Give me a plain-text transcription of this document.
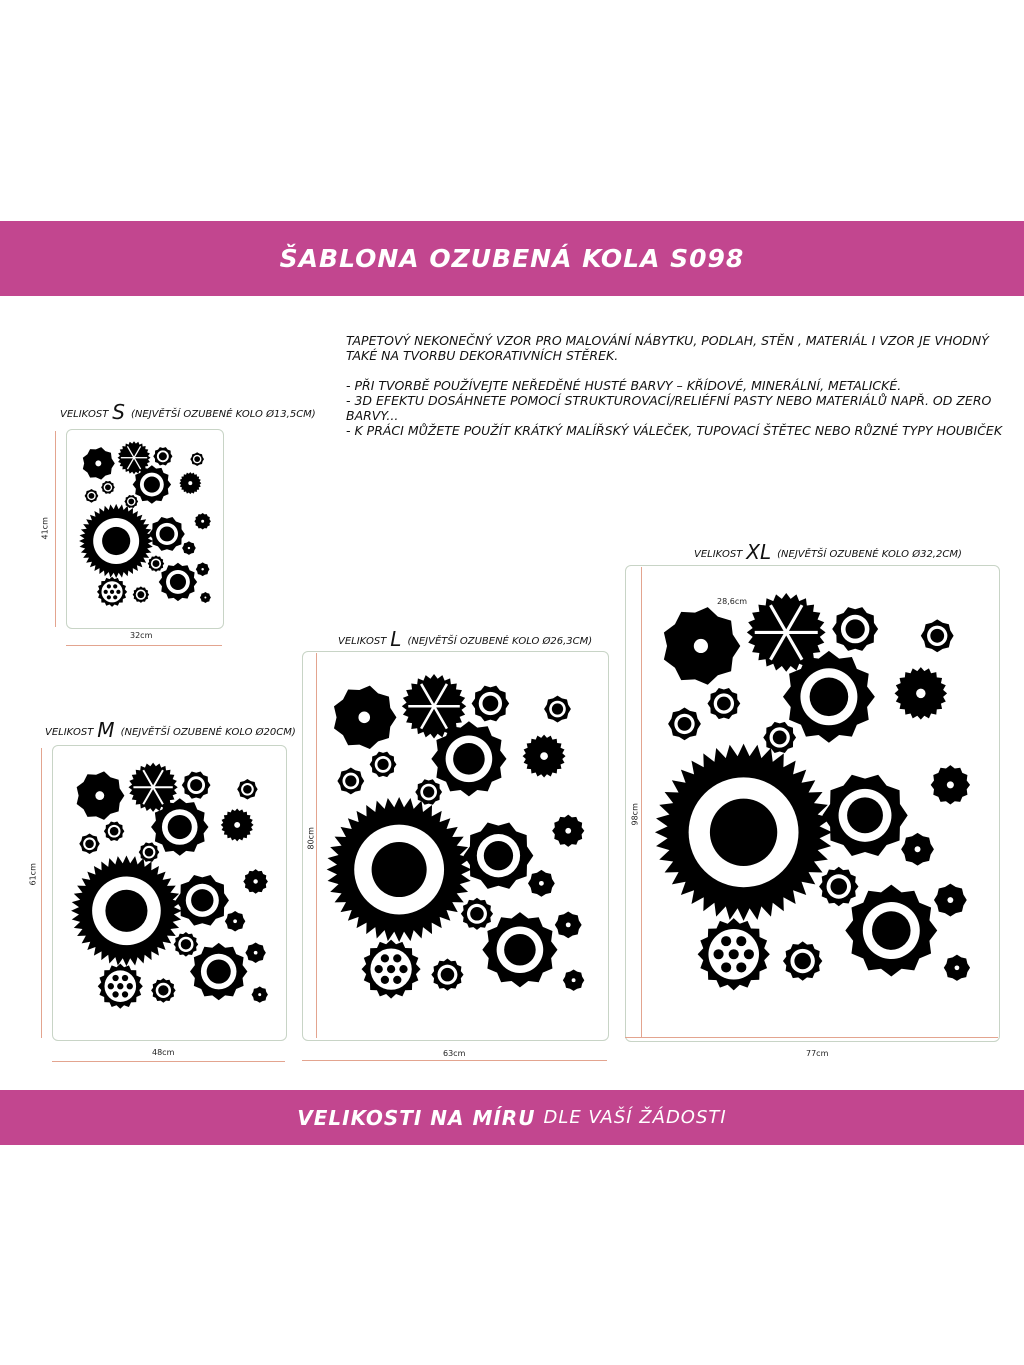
ŠABLONA OZUBENÁ KOLA S098

TAPETOVÝ NEKONEČNÝ VZOR PRO MALOVÁNÍ NÁBYTKU, PODLAH, STĚN , MATERIÁL I VZOR JE VHODNÝ

TAKÉ NA TVORBU DEKORATIVNÍCH STĚREK.

- PŘI TVORBĚ POUŽÍVEJTE NEŘEDĚNÉ HUSTÉ BARVY – KŘÍDOVÉ, MINERÁLNÍ, METALICKÉ.

- 3D EFEKTU DOSÁHNETE POMOCÍ STRUKTUROVACÍ/RELIÉFNÍ PASTY NEBO MATERIÁLŮ NAPŘ. OD ZERO BARVY...

- K PRÁCI MŮŽETE POUŽÍT KRÁTKÝ MALÍŘSKÝ VÁLEČEK, TUPOVACÍ ŠTĚTEC NEBO RŮZNÉ TYPY HOUBIČEK

VELIKOST S (NEJVĚTŠÍ OZUBENÉ KOLO Ø13,5CM)
41cm
32cm
VELIKOST M (NEJVĚTŠÍ OZUBENÉ KOLO Ø20CM)
61cm
48cm
VELIKOST L (NEJVĚTŠÍ OZUBENÉ KOLO Ø26,3CM)
80cm
63cm
VELIKOST XL (NEJVĚTŠÍ OZUBENÉ KOLO Ø32,2CM)
98cm
28,6cm
77cm
VELIKOSTI NA MÍRU DLE VAŠÍ ŽÁDOSTI
